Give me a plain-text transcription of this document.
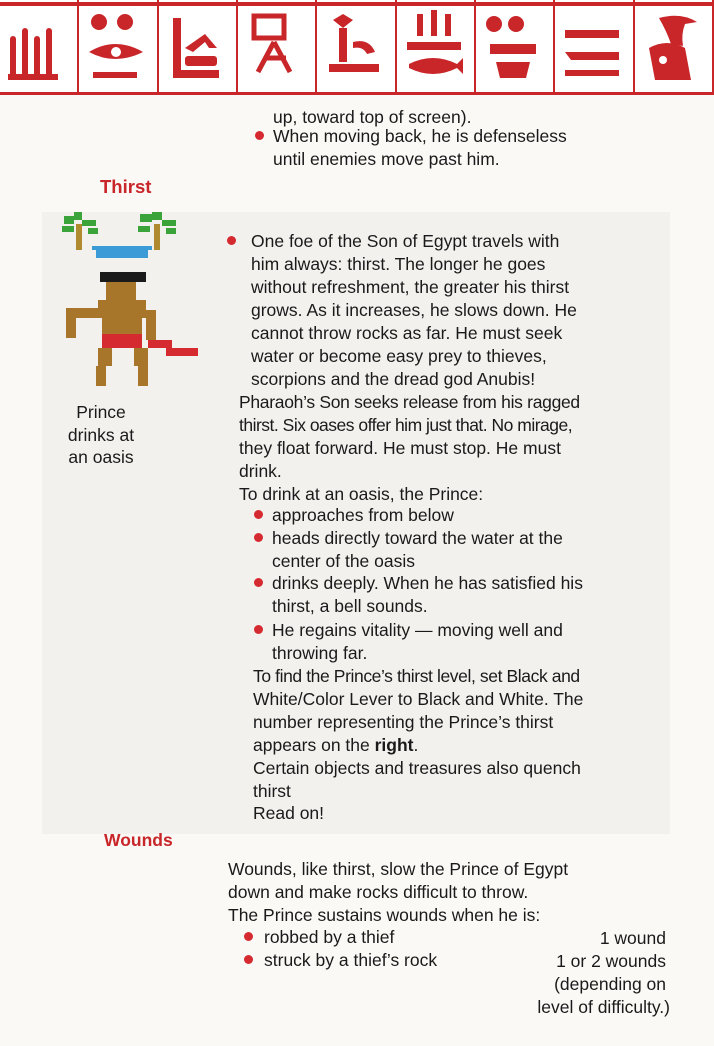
up, toward top of screen).
When moving back, he is defenseless
until enemies move past him.
Thirst
Prince
drinks at
an oasis
One foe of the Son of Egypt travels with
him always: thirst. The longer he goes
without refreshment, the greater his thirst
grows. As it increases, he slows down. He
cannot throw rocks as far. He must seek
water or become easy prey to thieves,
scorpions and the dread god Anubis!
Pharaoh’s Son seeks release from his ragged
thirst. Six oases offer him just that. No mirage,
they float forward. He must stop. He must
drink.
To drink at an oasis, the Prince:
approaches from below
heads directly toward the water at the
center of the oasis
drinks deeply. When he has satisfied his
thirst, a bell sounds.
He regains vitality — moving well and
throwing far.
To find the Prince’s thirst level, set Black and
White/Color Lever to Black and White. The
number representing the Prince’s thirst
appears on the right.
Certain objects and treasures also quench
thirst
Read on!
Wounds
Wounds, like thirst, slow the Prince of Egypt
down and make rocks difficult to throw.
The Prince sustains wounds when he is:
robbed by a thief	1 wound
struck by a thief’s rock	1 or 2 wounds
(depending on
level of difficulty.)
